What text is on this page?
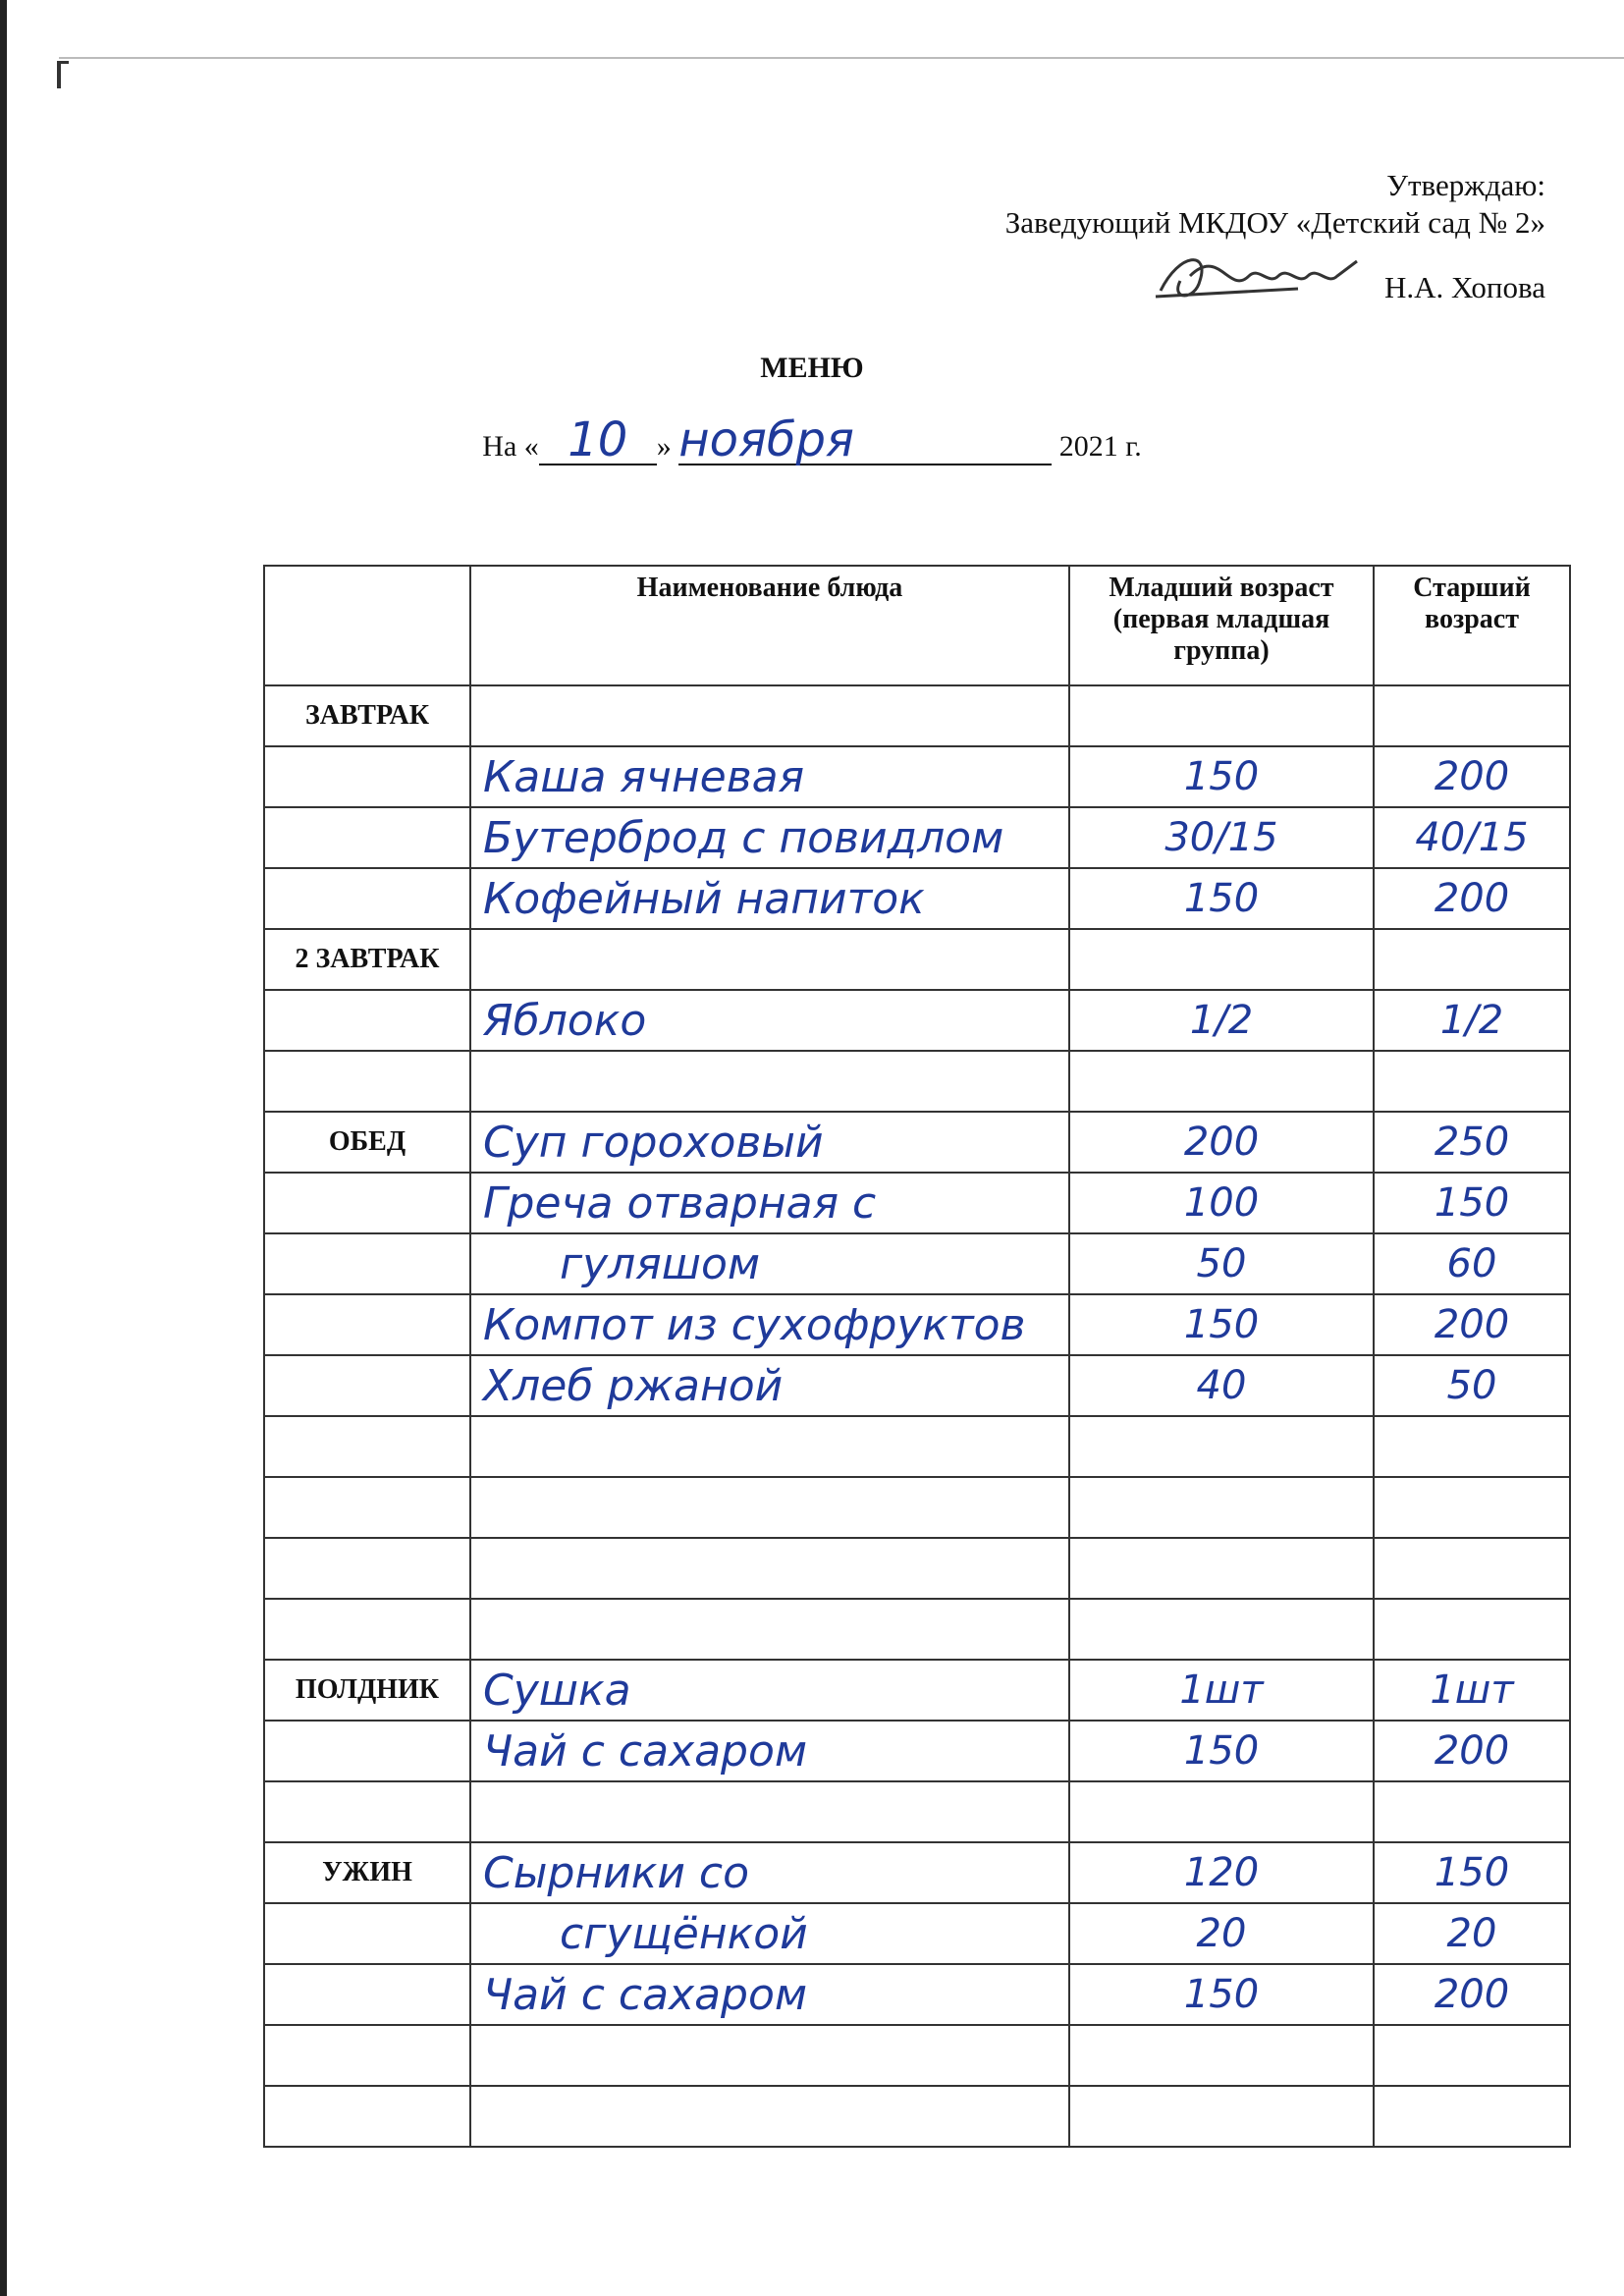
Утверждаю:
Заведующий МКДОУ «Детский сад № 2»
Н.А. Хопова
МЕНЮ
На « 10 » ноября	2021 г.
	Наименование блюда	Младший возраст (первая младшая группа)	Старший возраст
ЗАВТРАК			
	Каша ячневая	150	200
	Бутерброд с повидлом	30/15	40/15
	Кофейный напиток	150	200
2 ЗАВТРАК			
	Яблоко	1/2	1/2

ОБЕД	Суп гороховый	200	250
	Греча отварная с	100	150
	гуляшом	50	60
	Компот из сухофруктов	150	200
	Хлеб ржаной	40	50

ПОЛДНИК	Сушка	1шт	1шт
	Чай с сахаром	150	200

УЖИН	Сырники со	120	150
	сгущёнкой	20	20
	Чай с сахаром	150	200
